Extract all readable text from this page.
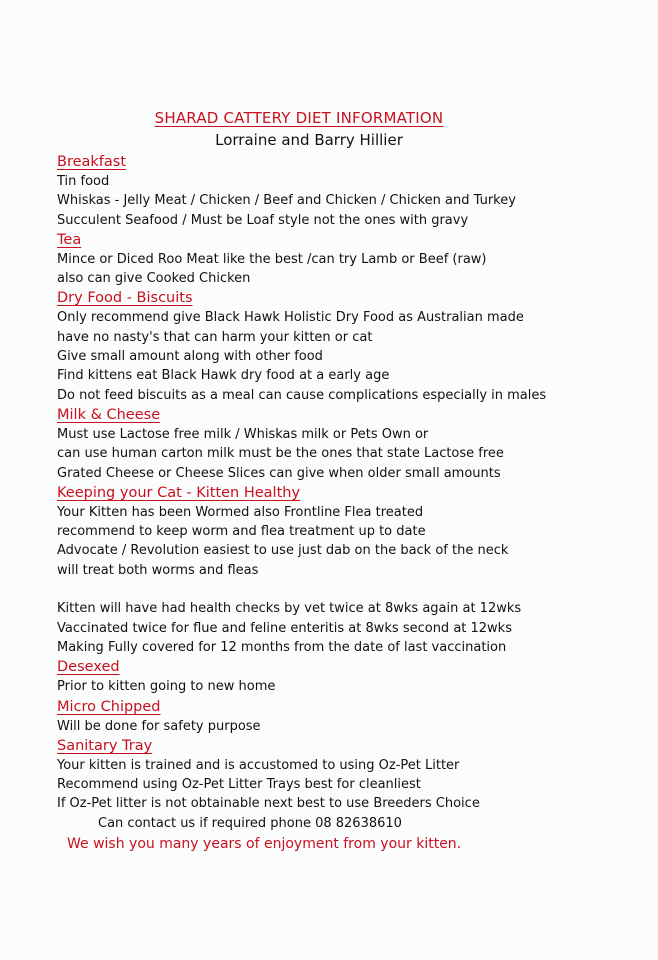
SHARAD CATTERY DIET INFORMATION
Lorraine and Barry Hillier
Breakfast
Tin food
Whiskas - Jelly Meat / Chicken / Beef and Chicken / Chicken and Turkey
Succulent Seafood / Must be Loaf style not the ones with gravy
Tea
Mince or Diced Roo Meat like the best /can try Lamb or Beef (raw)
also can give Cooked Chicken
Dry Food - Biscuits
Only recommend give Black Hawk Holistic Dry Food as Australian made
have no nasty's that can harm your kitten or cat
Give small amount along with other food
Find kittens eat Black Hawk dry food at a early age
Do not feed biscuits as a meal can cause complications especially in males
Milk & Cheese
Must use Lactose free milk / Whiskas milk or Pets Own or
can use human carton milk must be the ones that state Lactose free
Grated Cheese or Cheese Slices can give when older small amounts
Keeping your Cat - Kitten Healthy
Your Kitten has been Wormed also Frontline Flea treated
recommend to keep worm and flea treatment up to date
Advocate / Revolution easiest to use just dab on the back of the neck
will treat both worms and fleas
Kitten will have had health checks by vet twice at 8wks again at 12wks
Vaccinated twice for flue and feline enteritis at 8wks second at 12wks
Making Fully covered for 12 months from the date of last vaccination
Desexed
Prior to kitten going to new home
Micro Chipped
Will be done for safety purpose
Sanitary Tray
Your kitten is trained and is accustomed to using Oz-Pet Litter
Recommend using Oz-Pet Litter Trays best for cleanliest
If Oz-Pet litter is not obtainable next best to use Breeders Choice
Can contact us if required phone 08 82638610
We wish you many years of enjoyment from your kitten.
